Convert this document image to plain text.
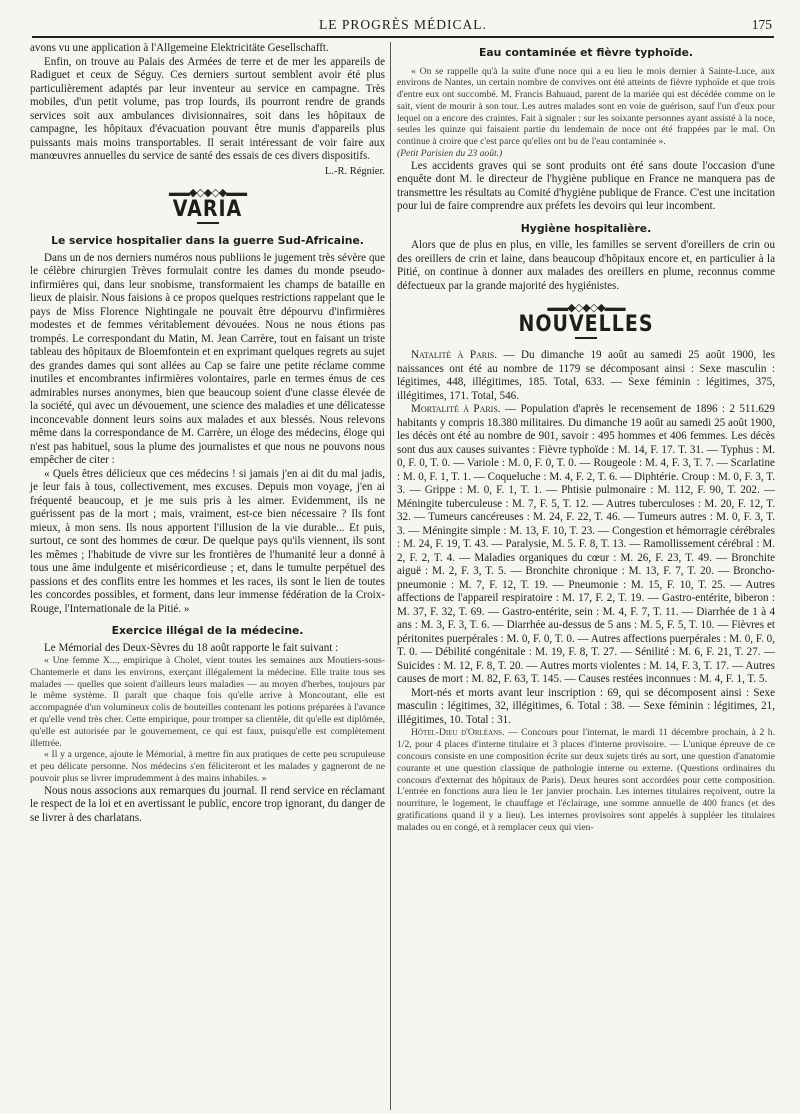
LE PROGRÈS MÉDICAL.	175

avons vu une application à l'Allgemeine Elektricitäte Gesellschafft.

Enfin, on trouve au Palais des Armées de terre et de mer les appareils de Radiguet et ceux de Séguy. Ces derniers surtout semblent avoir été plus particulièrement adaptés par leur inventeur au service en campagne. Très mobiles, d'un petit volume, pas trop lourds, ils pourront rendre de grands services soit aux ambulances divisionnaires, soit dans les hôpitaux de campagne, les hôpitaux d'évacuation pouvant être munis d'appareils plus puissants mais moins transportables. Il serait intéressant de voir faire aux manœuvres annuelles du service de santé des essais de ces divers dispositifs.

L.-R. Régnier.
▬▬◆◇◆◇◆▬▬
VARIA
Le service hospitalier dans la guerre Sud-Africaine.

Dans un de nos derniers numéros nous publiions le jugement très sévère que le célèbre chirurgien Trèves formulait contre les dames du monde pseudo-infirmières qui, dans leur snobisme, transformaient les champs de bataille en lieux de plaisir. Nous faisions à ce propos quelques restrictions rappelant que le pays de Miss Florence Nightingale ne pouvait être dépourvu d'infirmières modestes et de femmes véritablement dévouées. Nous ne nous étions pas trompés. Le correspondant du Matin, M. Jean Carrère, tout en faisant un triste tableau des hôpitaux de Bloemfontein et en exprimant quelques regrets au sujet des grandes dames qui sont allées au Cap se faire une petite réclame comme inutiles et encombrantes infirmières volontaires, parle en termes émus de ces admirables nurses anonymes, bien que beaucoup soient d'une classe élevée de la société, qui avec un dévouement, une science des maladies et une délicatesse inconcevable donnent leurs soins aux malades et aux blessés. Nous relevons même dans la correspondance de M. Carrère, un éloge des médecins, éloge qui n'est pas habituel, sous la plume des journalistes et que nous ne pouvons nous empêcher de citer :

« Quels êtres délicieux que ces médecins ! si jamais j'en ai dit du mal jadis, je leur fais à tous, collectivement, mes excuses. Depuis mon voyage, j'en ai fréquenté beaucoup, et je me suis pris à les aimer. Evidemment, ils ne guérissent pas de la mort ; mais, vraiment, est-ce bien nécessaire ? Ils font mieux, à mon sens. Ils nous apportent l'illusion de la vie durable... Et puis, surtout, ce sont des hommes de cœur. De quelque pays qu'ils viennent, ils sont les mêmes ; l'habitude de vivre sur les frontières de l'humanité leur a donné à tous une âme indulgente et miséricordieuse ; et, dans le tumulte perpétuel des passions et des conflits entre les hommes et les races, ils sont le lien de toutes les concordes possibles, et forment, dans leur immense fédération de la Croix-Rouge, l'Internationale de la Pitié. »

Exercice illégal de la médecine.

Le Mémorial des Deux-Sèvres du 18 août rapporte le fait suivant :

« Une femme X..., empirique à Cholet, vient toutes les semaines aux Moutiers-sous-Chantemerle et dans les environs, exerçant illégalement la médecine. Elle traite tous ses malades — quelles que soient d'ailleurs leurs maladies — au moyen d'herbes, toujours par le même système. Il paraît que chaque fois qu'elle arrive à Moncoutant, elle est accompagnée d'un volumineux colis de bouteilles contenant les potions préparées à l'avance et qu'elle vend très cher. Cette empirique, pour tromper sa clientèle, dit qu'elle est diplômée, qu'elle est autorisée par le gouvernement, ce qui est faux, puisqu'elle est complètement illettrée.

« Il y a urgence, ajoute le Mémorial, à mettre fin aux pratiques de cette peu scrupuleuse et peu délicate personne. Nos médecins s'en féliciteront et les malades y gagneront de ne pouvoir plus se livrer imprudemment à des mains inhabiles. »

Nous nous associons aux remarques du journal. Il rend service en réclamant le respect de la loi et en avertissant le public, encore trop ignorant, du danger de se livrer à des charlatans.

Eau contaminée et fièvre typhoïde.

« On se rappelle qu'à la suite d'une noce qui a eu lieu le mois dernier à Sainte-Luce, aux environs de Nantes, un certain nombre de convives ont été atteints de fièvre typhoïde et que trois d'entre eux ont succombé. M. Francis Bahuaud, parent de la mariée qui est décédée comme on le sait, vient de mourir à son tour. Les autres malades sont en voie de guérison, sauf l'un d'eux pour lequel on a encore des craintes. Fait à signaler : sur les soixante personnes ayant assisté à la noce, seules les quinze qui faisaient partie du lendemain de noce ont été frappées par le mal. On continue à croire que c'est parce qu'elles ont bu de l'eau contaminée ».

(Petit Parisien du 23 août.)

Les accidents graves qui se sont produits ont été sans doute l'occasion d'une enquête dont M. le directeur de l'hygiène publique en France ne manquera pas de transmettre les résultats au Comité d'hygiène publique de France. C'est une incitation pour lui de faire comprendre aux préfets les devoirs qui leur incombent.

Hygiène hospitalière.

Alors que de plus en plus, en ville, les familles se servent d'oreillers de crin ou des oreillers de crin et laine, dans beaucoup d'hôpitaux encore et, en particulier à la Pitié, on continue à donner aux malades des oreillers en plume, reconnus comme défectueux par la grande majorité des hygiénistes.

▬▬◆◇◆◇◆▬▬
NOUVELLES

Natalité à Paris. — Du dimanche 19 août au samedi 25 août 1900, les naissances ont été au nombre de 1179 se décomposant ainsi : Sexe masculin : légitimes, 448, illégitimes, 185. Total, 633. — Sexe féminin : légitimes, 375, illégitimes, 171. Total, 546.

Mortalité à Paris. — Population d'après le recensement de 1896 : 2 511.629 habitants y compris 18.380 militaires. Du dimanche 19 août au samedi 25 août 1900, les décès ont été au nombre de 901, savoir : 495 hommes et 406 femmes. Les décès sont dus aux causes suivantes : Fièvre typhoïde : M. 14, F. 17. T. 31. — Typhus : M. 0, F. 0, T. 0. — Variole : M. 0, F. 0, T. 0. — Rougeole : M. 4, F. 3, T. 7. — Scarlatine : M. 0, F. 1, T. 1. — Coqueluche : M. 4, F. 2, T. 6. — Diphtérie. Croup : M. 0, F. 3, T. 3. — Grippe : M. 0, F. 1, T. 1. — Phtisie pulmonaire : M. 112, F. 90, T. 202. — Méningite tuberculeuse : M. 7, F. 5, T. 12. — Autres tuberculoses : M. 20, F. 12, T. 32. — Tumeurs cancéreuses : M. 24, F. 22, T. 46. — Tumeurs autres : M. 0, F. 3, T. 3. — Méningite simple : M. 13, F. 10, T. 23. — Congestion et hémorragie cérébrales : M. 24, F. 19, T. 43. — Paralysie, M. 5. F. 8, T. 13. — Ramollissement cérébral : M. 2, F. 2, T. 4. — Maladies organiques du cœur : M. 26, F. 23, T. 49. — Bronchite aiguë : M. 2, F. 3, T. 5. — Bronchite chronique : M. 13, F. 7, T. 20. — Broncho-pneumonie : M. 7, F. 12, T. 19. — Pneumonie : M. 15, F. 10, T. 25. — Autres affections de l'appareil respiratoire : M. 17, F. 2, T. 19. — Gastro-entérite, biberon : M. 37, F. 32, T. 69. — Gastro-entérite, sein : M. 4, F. 7, T. 11. — Diarrhée de 1 à 4 ans : M. 3, F. 3, T. 6. — Diarrhée au-dessus de 5 ans : M. 5, F. 5, T. 10. — Fièvres et péritonites puerpérales : M. 0, F. 0, T. 0. — Autres affections puerpérales : M. 0, F. 0, T. 0. — Débilité congénitale : M. 19, F. 8, T. 27. — Sénilité : M. 6, F. 21, T. 27. — Suicides : M. 12, F. 8, T. 20. — Autres morts violentes : M. 14, F. 3, T. 17. — Autres causes de mort : M. 82, F. 63, T. 145. — Causes restées inconnues : M. 4, F. 1, T. 5.

Mort-nés et morts avant leur inscription : 69, qui se décomposent ainsi : Sexe masculin : légitimes, 32, illégitimes, 6. Total : 38. — Sexe féminin : légitimes, 21, illégitimes, 10. Total : 31.

Hôtel-Dieu d'Orléans. — Concours pour l'internat, le mardi 11 décembre prochain, à 2 h. 1/2, pour 4 places d'interne titulaire et 3 places d'interne provisoire. — L'unique épreuve de ce concours consiste en une composition écrite sur deux sujets tirés au sort, une question d'anatomie courante et une question classique de pathologie interne ou externe. (Questions ordinaires du concours d'externat des hôpitaux de Paris). Deux heures sont accordées pour cette composition. L'entrée en fonctions aura lieu le 1er janvier prochain. Les internes titulaires reçoivent, outre la nourriture, le logement, le chauffage et l'éclairage, une somme annuelle de 400 francs (et des gratifications quand il y a lieu). Les internes provisoires sont appelés à suppléer les titulaires malades ou en congé, et à remplacer ceux qui vien-
